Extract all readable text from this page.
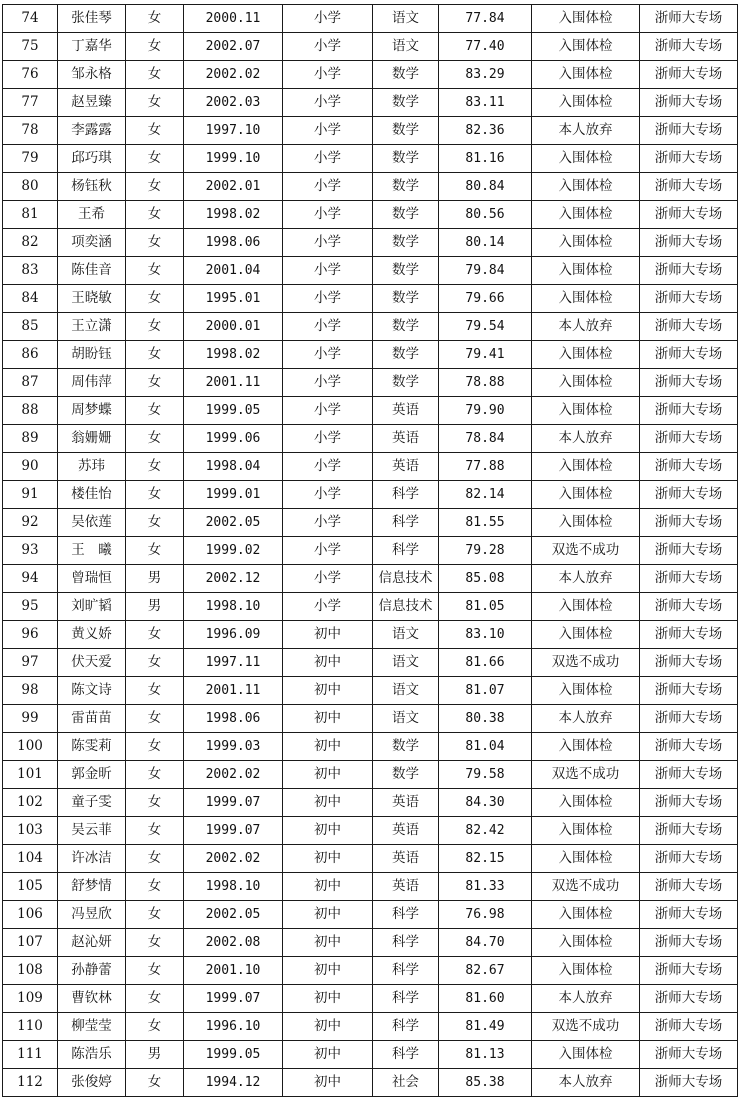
74	张佳琴	女	2000.11	小学	语文	77.84	入围体检	浙师大专场
75	丁嘉华	女	2002.07	小学	语文	77.40	入围体检	浙师大专场
76	邹永格	女	2002.02	小学	数学	83.29	入围体检	浙师大专场
77	赵昱臻	女	2002.03	小学	数学	83.11	入围体检	浙师大专场
78	李露露	女	1997.10	小学	数学	82.36	本人放弃	浙师大专场
79	邱巧琪	女	1999.10	小学	数学	81.16	入围体检	浙师大专场
80	杨钰秋	女	2002.01	小学	数学	80.84	入围体检	浙师大专场
81	王希	女	1998.02	小学	数学	80.56	入围体检	浙师大专场
82	项奕涵	女	1998.06	小学	数学	80.14	入围体检	浙师大专场
83	陈佳音	女	2001.04	小学	数学	79.84	入围体检	浙师大专场
84	王晓敏	女	1995.01	小学	数学	79.66	入围体检	浙师大专场
85	王立潇	女	2000.01	小学	数学	79.54	本人放弃	浙师大专场
86	胡盼钰	女	1998.02	小学	数学	79.41	入围体检	浙师大专场
87	周伟萍	女	2001.11	小学	数学	78.88	入围体检	浙师大专场
88	周梦蝶	女	1999.05	小学	英语	79.90	入围体检	浙师大专场
89	翁姗姗	女	1999.06	小学	英语	78.84	本人放弃	浙师大专场
90	苏玮	女	1998.04	小学	英语	77.88	入围体检	浙师大专场
91	楼佳怡	女	1999.01	小学	科学	82.14	入围体检	浙师大专场
92	吴依莲	女	2002.05	小学	科学	81.55	入围体检	浙师大专场
93	王　曦	女	1999.02	小学	科学	79.28	双选不成功	浙师大专场
94	曾瑞恒	男	2002.12	小学	信息技术	85.08	本人放弃	浙师大专场
95	刘旷韬	男	1998.10	小学	信息技术	81.05	入围体检	浙师大专场
96	黄义娇	女	1996.09	初中	语文	83.10	入围体检	浙师大专场
97	伏天爱	女	1997.11	初中	语文	81.66	双选不成功	浙师大专场
98	陈文诗	女	2001.11	初中	语文	81.07	入围体检	浙师大专场
99	雷苗苗	女	1998.06	初中	语文	80.38	本人放弃	浙师大专场
100	陈雯莉	女	1999.03	初中	数学	81.04	入围体检	浙师大专场
101	郭金昕	女	2002.02	初中	数学	79.58	双选不成功	浙师大专场
102	童子雯	女	1999.07	初中	英语	84.30	入围体检	浙师大专场
103	吴云菲	女	1999.07	初中	英语	82.42	入围体检	浙师大专场
104	许冰洁	女	2002.02	初中	英语	82.15	入围体检	浙师大专场
105	舒梦情	女	1998.10	初中	英语	81.33	双选不成功	浙师大专场
106	冯昱欣	女	2002.05	初中	科学	76.98	入围体检	浙师大专场
107	赵沁妍	女	2002.08	初中	科学	84.70	入围体检	浙师大专场
108	孙静蕾	女	2001.10	初中	科学	82.67	入围体检	浙师大专场
109	曹钦林	女	1999.07	初中	科学	81.60	本人放弃	浙师大专场
110	柳莹莹	女	1996.10	初中	科学	81.49	双选不成功	浙师大专场
111	陈浩乐	男	1999.05	初中	科学	81.13	入围体检	浙师大专场
112	张俊婷	女	1994.12	初中	社会	85.38	本人放弃	浙师大专场
